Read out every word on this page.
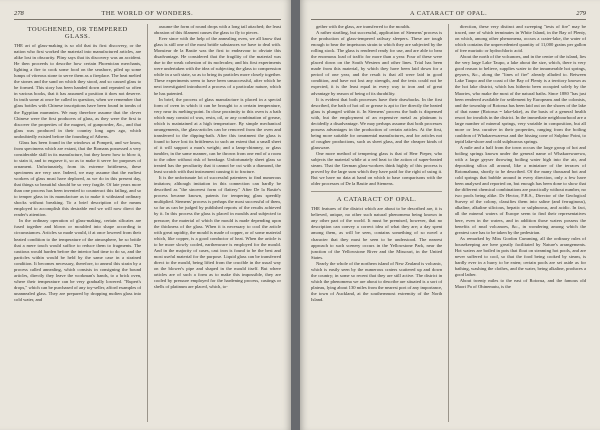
278	THE WORLD OF WONDERS.
TOUGHENED, OR TEMPERED GLASS.

THE art of glass-making is so old that its first discovery, or the nation who first worked the material into manufactured articles, are alike lost in obscurity. Pliny says that its discovery was an accident. He then proceeds to describe how certain Phoenician merchants, lighting a fire to cook some food on the seashore, piled up some lumps of vitreous stone to serve them as a fireplace. The heat melted the stones and the sand on which they stood, and so caused glass to be formed. This story has been handed down and repeated so often in various books, that it has assumed a position it does not deserve. In truth some at once be called in question, when we remember that glass bottles with Chinese inscriptions have been found in tombs of the Egyptian mummies. We may therefore assume that the clever Chinese were the first producers of glass, as they were the first to discover the properties of the magnet, of gunpowder, &c., and that glass was produced in their country long ages ago, which undoubtedly existed before the founding of Athens.

Glass has been found in the windows at Pompeii, and we know, from specimens which are extant, that the Romans possessed a very considerable skill in its manufacture, but they knew how to blow it, to stain it, and to engrave it, so as to make it serve for purposes of ornament. Unfortunately, from its extreme brittleness, these specimens are very rare. Indeed, we may assume that the earliest workers of glass must have deplored, as we do in this present day, that things so beautiful should be so very fragile. Of late years more than one process has been invented to counteract this failing, and so to temper glass in its manufacture as to make it withstand ordinary shocks without breaking. To a brief description of the means employed to accomplish this desirable end we will now direct the reader's attention.

In the ordinary operation of glass-making, certain silicates are fused together and blown or moulded into shape according to circumstances. Articles so made would, if at once lowered from their heated condition to the temperature of the atmosphere, be so brittle that a mere touch would suffice to reduce them to fragments. The cautious would harden before the interior had time to do so, and the particles within would be held by the same case in a strained condition. It becomes necessary, therefore, to anneal this strain by a process called annealing, which consists in consigning the bound articles, directly they leave the workman's hands, to a brick oven, where their temperature can be very gradually lowered. "Rupert's drops," which can be purchased of any toy-seller, afford examples of unannealed glass. They are prepared by dropping molten glass into cold water, and

assume the form of round drops with a long tail attached; the least abrasion of this filament causes the glass to fly to pieces.

Ever since with the help of the annealing oven, we all know that glass is still one of the most brittle substances we have to deal with. Monsieur de la Bastie was the first to endeavour to obviate this disadvantage. He considered that the fragility of the material was due to the weak cohesion of its molecules; and his first experiments were undertaken with the idea of subjecting the glass to compression while in a soft state, so as to bring its particles more closely together. These experiments seem to have been unsuccessful, after which he next investigated introduced a process of a particular nature, which he has patented.

In brief, the process of glass manufacture is placed in a special form of oven in which it can be brought to a certain temperature, very near its melting-point. In close proximity to this oven is a bath which may consist of wax, resin, oil, or any combination of grease, which is maintained at a high temperature. By simple mechanical arrangements, the glass-articles can be removed from the oven and transferred to the dipping-bath. After this treatment the glass is found to have lost its brittleness to such an extent that a small sheet of it will support a man's weight; and a lamp-chimney, or glass tumbler, in the same manner, can be thrown from one end of a room to the other without risk of breakage. Unfortunately sheet glass so treated has the peculiarity that it cannot be cut with a diamond, the least scratch with that instrument causing it to fracture.

It is the unfortunate lot of successful patentees to find numerous imitators; although imitation in this connection can hardly be described as "the sincerest form of flattery." After De la Bastie's process became known, patents for tempering glass speedily multiplied. Siemens' process is perhaps the most successful of them, so far as can be judged by published reports of the results achieved by it. In this process the glass is placed in moulds and subjected to pressure; the material of which the mould is made depending upon the thickness of the glass. When it is necessary to cool the article with great rapidity, the mould is made of copper, or of some material which, like copper, is a good conductor of heat. When the article is to be more slowly cooled, earthenware is employed for the mould. And in the majority of cases, cast iron is found to be the best and most useful material for the purpose. Liquid glass can be transferred direct to the mould, being lifted from the crucible in the usual way on the blower's pipe and shaped in the mould itself. But where articles are of such a form as to make this impossible, they are cooled by pressure employed for the hardening process, castings or shells of platinum are placed, which, to-

A CATARACT OF OPAL.	279

gether with the glass, are transferred to the moulds.

A rather startling, but successful, application of Siemens' process is the production of glass-tempered railway sleepers. These are tough enough to bear the impetuous strain to which they are subjected by the rolling stock. The glass is rendered ready for use, and are able to bear the enormous load of traffic for more than a year. Four of these were placed down on the South Western and other lines. Trial has been made from this material, by which they have been laid down for a period of one year, and the result is that all were laid in good condition, and have not lost any strength, and the tests could not be expected, it is the least equal in every way to iron and of great advantage by reason of being of its durability.

It is evident that both processes have their drawbacks. In the first described, the bath of hot oil or grease is apt to fire directly the heated glass is plunged within it. In Siemens' process the bath is dispensed with, but the employment of an expensive metal as platinum is decidedly a disadvantage. We may perhaps assume that both processes possess advantages in the production of certain articles. At the first, being more suitable for ornamental manufactures, and for articles not of rougher productions, such as sheet glass, and the cheaper kinds of glassware.

One more method of tempering glass is that of Herr Pieper, who subjects the material while at a red heat to the action of super-heated steam. That the German glass-workers think highly of this process is proved by the large sum which they have paid for the right of using it. But we have no data at hand on which to base comparisons with the older processes of De la Bastie and Siemens.

A CATARACT OF OPAL.

THE features of the district which are about to be described are, it is believed, unique, no other such natural phenomena being known in any other part of the world. It must be premised, however, that no description can convey a correct idea of what they are; a day spent among them, as will be seen, contains something of so novel a character that they must be seen to be understood. The nearest approach to such scenery occurs in the Yellowstone Park, near the junction of the Yellowstone River and the Missouri, in the United States.

Nearly the whole of the northern island of New Zealand is volcanic, which is easily seen by the numerous craters scattered up and down the country; in some so recent that they are still active. The district in which the phenomena we are about to describe are situated is a sort of plateau, lying about 130 miles from the nearest port of any importance, the town of Auckland, at the southernmost extremity of the North Island.

direction, these very distinct and sweeping "tests of fire" may be traced, one of which terminates in White Island, in the Bay of Plenty, on which, among other phenomena, occurs a crater-lake, the water of which contains the unprecedented quantity of 11,000 grains per gallon of free muriatic or hydrochloric acid.

About the north of the volcanoes, and in the centre of the island, lies the very large Lake Taupo, a lake about the size, which, there is very good reason to believe, supplies water to the innumerable hot springs, geysers, &c., along the "lines of fire" already alluded to. Between Lake Taupo and the coast of the Bay of Plenty is a territory known as the hot lake district, which has hitherto been occupied solely by the Maories, who make the most of the natural baths. Since 1880 "has just been rendered available for settlement by Europeans and the colonists, and the township of Rotorua has been laid out on the shores of the lake of that name (Rotorua = lake-lake), as the basis of a general health resort for invalids in the district. In the immediate neighbourhood are a large number of mineral springs, very variable in composition, but all more or less curative in their properties, ranging from the boiling cauldron of Whakarewarewa and the hissing cone of Sulphur Point, to tepid lake-shore and cold sulphurous springs.

A mile and a half from the town occurs the large group of hot and boiling springs known under the general name of Whakarewarewa, with a large geyser throwing boiling water high into the air, and depositing silica all around, like a miniature of the terraces of Rotomahana, shortly to be described. Of the many thousand hot and cold springs that bubble around in every direction, only a few have been analysed and reported on, but enough has been done to show that the different chemical combinations are practically without number, no two pools being alike. Dr Hector, F.R.S., Director of the Geological Survey of the colony, classifies them into saline (and ferruginous), alkaline, alkaline silicious, hepatic or sulphurous, and acidic. In fact, all the mineral waters of Europe seem to find their representatives here, even in the waters, and in addition those waters possess the benefits of mud volcanoes, &c., in wondering among which the greatest care has to be taken by the pedestrian.

As remarked by Miss Gordon Cumming, all the ordinary rules of housekeeping are here greatly facilitated by Nature's arrangements. Hot waters are boiled in pots that float on steaming hot pools, and are never suffered to cool, so that the food being cooked by steam, is hardly ever in a hurry to be eaten; certain pools are set aside as for bathing, washing the clothes, and the water, being alkaline, produces a good lather.

About twenty miles to the east of Rotorua, and the famous old Maori Pa of Ohinemutu, is the
